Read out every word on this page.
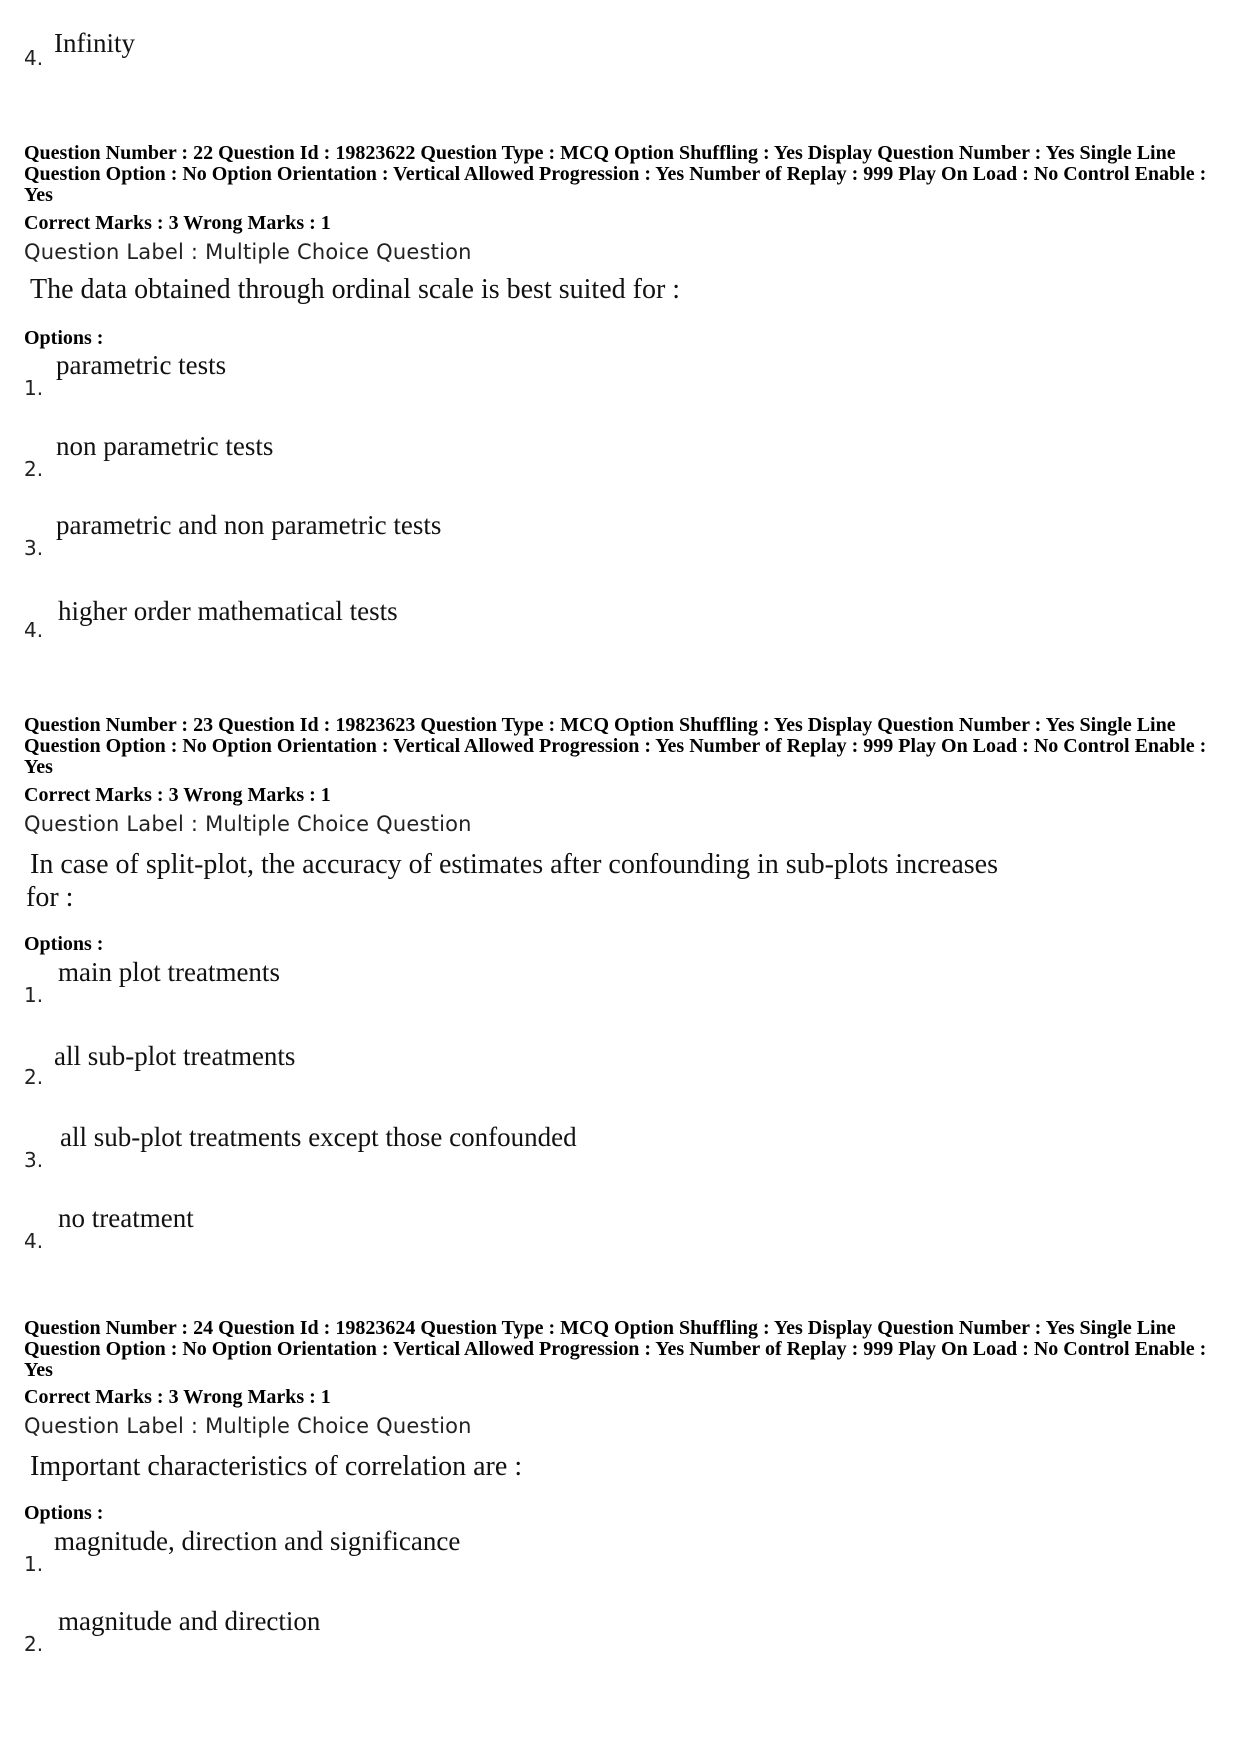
4. Infinity
Question Number : 22 Question Id : 19823622 Question Type : MCQ Option Shuffling : Yes Display Question Number : Yes Single Line Question Option : No Option Orientation : Vertical Allowed Progression : Yes Number of Replay : 999 Play On Load : No Control Enable : Yes
Correct Marks : 3 Wrong Marks : 1
Question Label : Multiple Choice Question
The data obtained through ordinal scale is best suited for :
Options :
1.
parametric tests
2.
non parametric tests
3.
parametric and non parametric tests
4.
higher order mathematical tests
Question Number : 23 Question Id : 19823623 Question Type : MCQ Option Shuffling : Yes Display Question Number : Yes Single Line Question Option : No Option Orientation : Vertical Allowed Progression : Yes Number of Replay : 999 Play On Load : No Control Enable : Yes
Correct Marks : 3 Wrong Marks : 1
Question Label : Multiple Choice Question
In case of split-plot, the accuracy of estimates after confounding in sub-plots increases
for :
Options :
1.
main plot treatments
2.
all sub-plot treatments
3.
all sub-plot treatments except those confounded
4.
no treatment
Question Number : 24 Question Id : 19823624 Question Type : MCQ Option Shuffling : Yes Display Question Number : Yes Single Line Question Option : No Option Orientation : Vertical Allowed Progression : Yes Number of Replay : 999 Play On Load : No Control Enable : Yes
Correct Marks : 3 Wrong Marks : 1
Question Label : Multiple Choice Question
Important characteristics of correlation are :
Options :
1.
magnitude, direction and significance
2.
magnitude and direction
